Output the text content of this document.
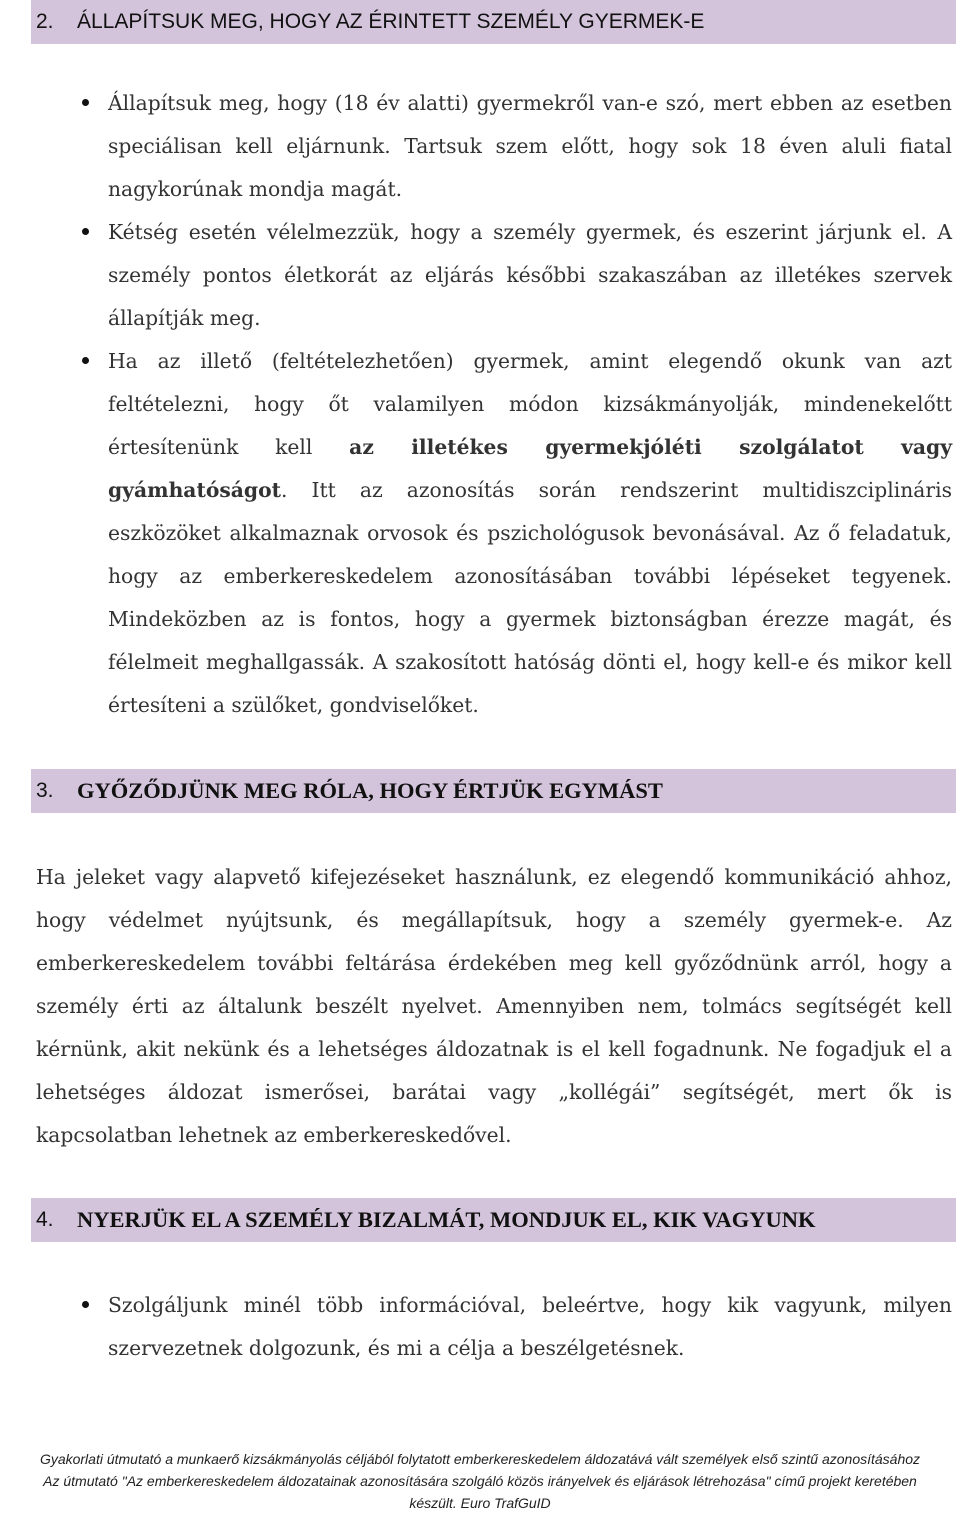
2.	ÁLLAPÍTSUK MEG, HOGY AZ ÉRINTETT SZEMÉLY GYERMEK-E

Állapítsuk meg, hogy (18 év alatti) gyermekről van-e szó, mert ebben az esetben speciálisan kell eljárnunk. Tartsuk szem előtt, hogy sok 18 éven aluli fiatal nagykorúnak mondja magát.

Kétség esetén vélelmezzük, hogy a személy gyermek, és eszerint járjunk el. A személy pontos életkorát az eljárás későbbi szakaszában az illetékes szervek állapítják meg.

Ha az illető (feltételezhetően) gyermek, amint elegendő okunk van azt feltételezni, hogy őt valamilyen módon kizsákmányolják, mindenekelőtt értesítenünk kell az illetékes gyermekjóléti szolgálatot vagy gyámhatóságot. Itt az azonosítás során rendszerint multidiszciplináris eszközöket alkalmaznak orvosok és pszichológusok bevonásával. Az ő feladatuk, hogy az emberkereskedelem azonosításában további lépéseket tegyenek. Mindeközben az is fontos, hogy a gyermek biztonságban érezze magát, és félelmeit meghallgassák. A szakosított hatóság dönti el, hogy kell-e és mikor kell értesíteni a szülőket, gondviselőket.

3.	GYŐZŐDJÜNK MEG RÓLA, HOGY ÉRTJÜK EGYMÁST

Ha jeleket vagy alapvető kifejezéseket használunk, ez elegendő kommunikáció ahhoz, hogy védelmet nyújtsunk, és megállapítsuk, hogy a személy gyermek-e. Az emberkereskedelem további feltárása érdekében meg kell győződnünk arról, hogy a személy érti az általunk beszélt nyelvet. Amennyiben nem, tolmács segítségét kell kérnünk, akit nekünk és a lehetséges áldozatnak is el kell fogadnunk. Ne fogadjuk el a lehetséges áldozat ismerősei, barátai vagy „kollégái” segítségét, mert ők is kapcsolatban lehetnek az emberkereskedővel.

4.	NYERJÜK EL A SZEMÉLY BIZALMÁT, MONDJUK EL, KIK VAGYUNK

Szolgáljunk minél több információval, beleértve, hogy kik vagyunk, milyen szervezetnek dolgozunk, és mi a célja a beszélgetésnek.

Gyakorlati útmutató a munkaerő kizsákmányolás céljából folytatott emberkereskedelem áldozatává vált személyek első szintű azonosításához
Az útmutató "Az emberkereskedelem áldozatainak azonosítására szolgáló közös irányelvek és eljárások létrehozása" című projekt keretében
készült. Euro TrafGuID
